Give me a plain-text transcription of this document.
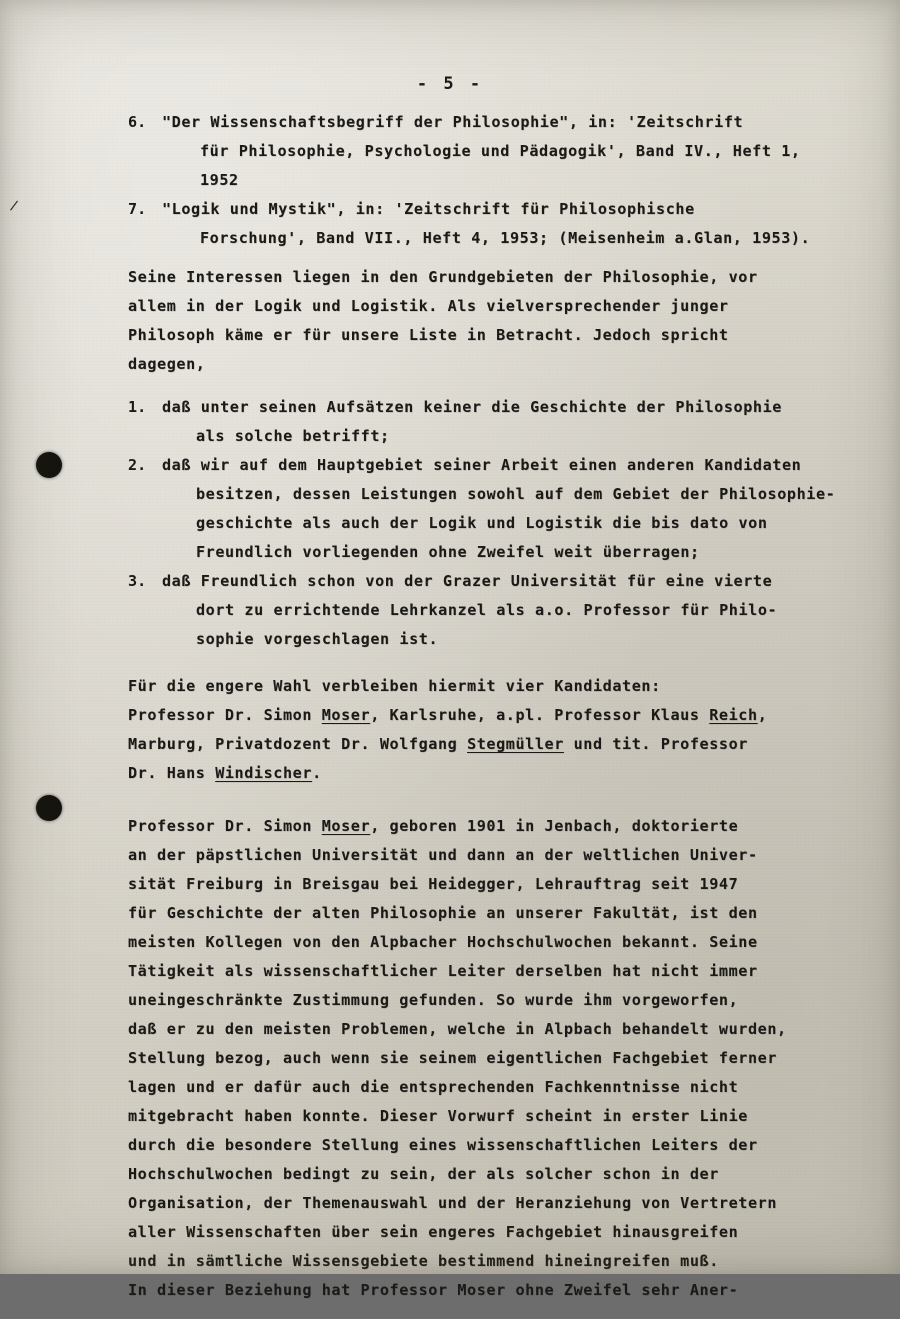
/
- 5 -
6.	"Der Wissenschaftsbegriff der Philosophie", in: 'Zeitschrift
für Philosophie, Psychologie und Pädagogik', Band IV., Heft 1,
1952
7.	"Logik und Mystik", in: 'Zeitschrift für Philosophische
Forschung', Band VII., Heft 4, 1953; (Meisenheim a.Glan, 1953).
Seine Interessen liegen in den Grundgebieten der Philosophie, vor
allem in der Logik und Logistik. Als vielversprechender junger
Philosoph käme er für unsere Liste in Betracht. Jedoch spricht
dagegen,
1.	daß unter seinen Aufsätzen keiner die Geschichte der Philosophie
als solche betrifft;
2.	daß wir auf dem Hauptgebiet seiner Arbeit einen anderen Kandidaten
besitzen, dessen Leistungen sowohl auf dem Gebiet der Philosophie-
geschichte als auch der Logik und Logistik die bis dato von
Freundlich vorliegenden ohne Zweifel weit überragen;
3.	daß Freundlich schon von der Grazer Universität für eine vierte
dort zu errichtende Lehrkanzel als a.o. Professor für Philo-
sophie vorgeschlagen ist.
Für die engere Wahl verbleiben hiermit vier Kandidaten:
Professor Dr. Simon Moser, Karlsruhe, a.pl. Professor Klaus Reich,
Marburg, Privatdozent Dr. Wolfgang Stegmüller und tit. Professor
Dr. Hans Windischer.
Professor Dr. Simon Moser, geboren 1901 in Jenbach, doktorierte
an der päpstlichen Universität und dann an der weltlichen Univer-
sität Freiburg in Breisgau bei Heidegger, Lehrauftrag seit 1947
für Geschichte der alten Philosophie an unserer Fakultät, ist den
meisten Kollegen von den Alpbacher Hochschulwochen bekannt. Seine
Tätigkeit als wissenschaftlicher Leiter derselben hat nicht immer
uneingeschränkte Zustimmung gefunden. So wurde ihm vorgeworfen,
daß er zu den meisten Problemen, welche in Alpbach behandelt wurden,
Stellung bezog, auch wenn sie seinem eigentlichen Fachgebiet ferner
lagen und er dafür auch die entsprechenden Fachkenntnisse nicht
mitgebracht haben konnte. Dieser Vorwurf scheint in erster Linie
durch die besondere Stellung eines wissenschaftlichen Leiters der
Hochschulwochen bedingt zu sein, der als solcher schon in der
Organisation, der Themenauswahl und der Heranziehung von Vertretern
aller Wissenschaften über sein engeres Fachgebiet hinausgreifen
und in sämtliche Wissensgebiete bestimmend hineingreifen muß.
In dieser Beziehung hat Professor Moser ohne Zweifel sehr Aner-
